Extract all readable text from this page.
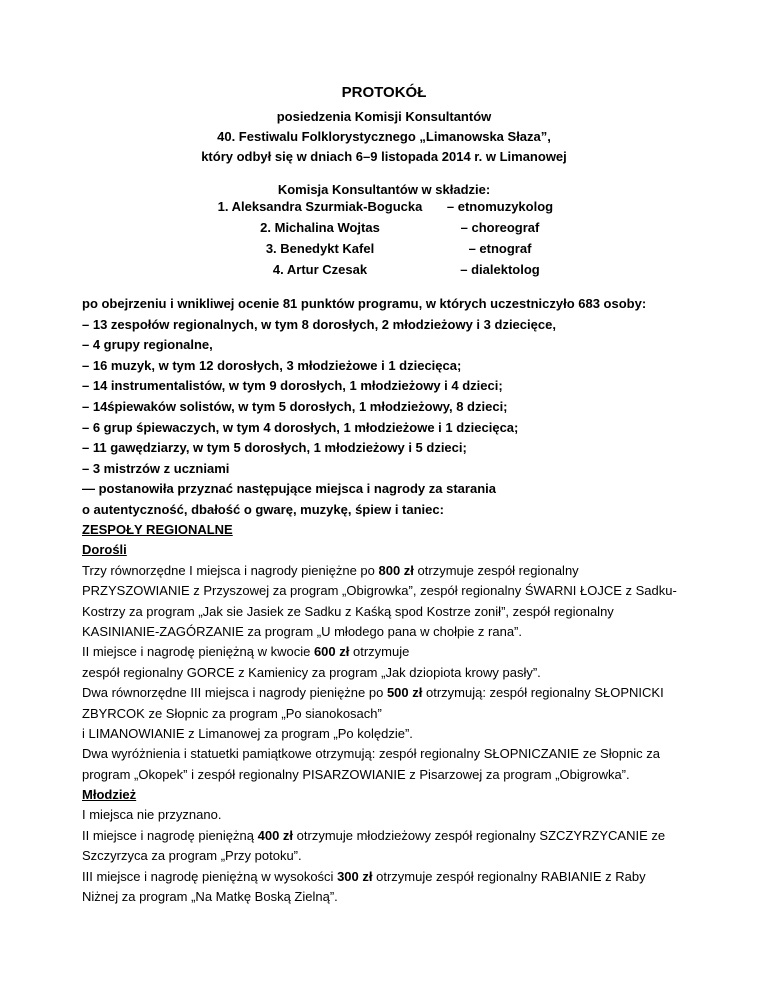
PROTOKÓŁ
posiedzenia Komisji Konsultantów
40. Festiwalu Folklorystycznego „Limanowska Słaza”,
który odbył się w dniach 6–9 listopada 2014 r. w Limanowej
Komisja Konsultantów w składzie:
1. Aleksandra Szurmiak-Bogucka	– etnomuzykolog
2. Michalina Wojtas	– choreograf
3. Benedykt Kafel	– etnograf
4. Artur Czesak	– dialektolog
po obejrzeniu i wnikliwej ocenie 81 punktów programu, w których uczestniczyło 683 osoby:
– 13 zespołów regionalnych, w tym 8 dorosłych, 2 młodzieżowy i 3 dziecięce,
– 4 grupy regionalne,
– 16 muzyk, w tym 12 dorosłych, 3 młodzieżowe i 1 dziecięca;
– 14 instrumentalistów, w tym 9 dorosłych, 1 młodzieżowy i 4 dzieci;
– 14śpiewaków solistów, w tym 5 dorosłych, 1 młodzieżowy, 8 dzieci;
– 6 grup śpiewaczych, w tym 4 dorosłych, 1 młodzieżowe i 1 dziecięca;
– 11 gawędziarzy, w tym 5 dorosłych, 1 młodzieżowy i 5 dzieci;
– 3 mistrzów z uczniami
— postanowiła przyznać następujące miejsca i nagrody za starania
o autentyczność, dbałość o gwarę, muzykę, śpiew i taniec:
ZESPOŁY REGIONALNE
Dorośli
Trzy równorzędne I miejsca i nagrody pieniężne po 800 zł otrzymuje zespół regionalny
PRZYSZOWIANIE z Przyszowej za program „Obigrowka”, zespół regionalny ŚWARNI ŁOJCE z Sadku-
Kostrzy za program „Jak sie Jasiek ze Sadku z Kaśką spod Kostrze zonił”, zespół regionalny
KASINIANIE-ZAGÓRZANIE za program „U młodego pana w chołpie z rana”.
II miejsce i nagrodę pieniężną w kwocie 600 zł otrzymuje
zespół regionalny GORCE z Kamienicy za program „Jak dziopiota krowy pasły”.
Dwa równorzędne III miejsca i nagrody pieniężne po 500 zł otrzymują: zespół regionalny SŁOPNICKI
ZBYRCOK ze Słopnic za program „Po sianokosach”
i LIMANOWIANIE z Limanowej za program „Po kolędzie”.
Dwa wyróżnienia i statuetki pamiątkowe otrzymują: zespół regionalny SŁOPNICZANIE ze Słopnic za
program „Okopek” i zespół regionalny PISARZOWIANIE z Pisarzowej za program „Obigrowka”.
Młodzież
I miejsca nie przyznano.
II miejsce i nagrodę pieniężną 400 zł otrzymuje młodzieżowy zespół regionalny SZCZYRZYCANIE ze
Szczyrzyca za program „Przy potoku”.
III miejsce i nagrodę pieniężną w wysokości 300 zł otrzymuje zespół regionalny RABIANIE z Raby
Niżnej za program „Na Matkę Boską Zielną”.
